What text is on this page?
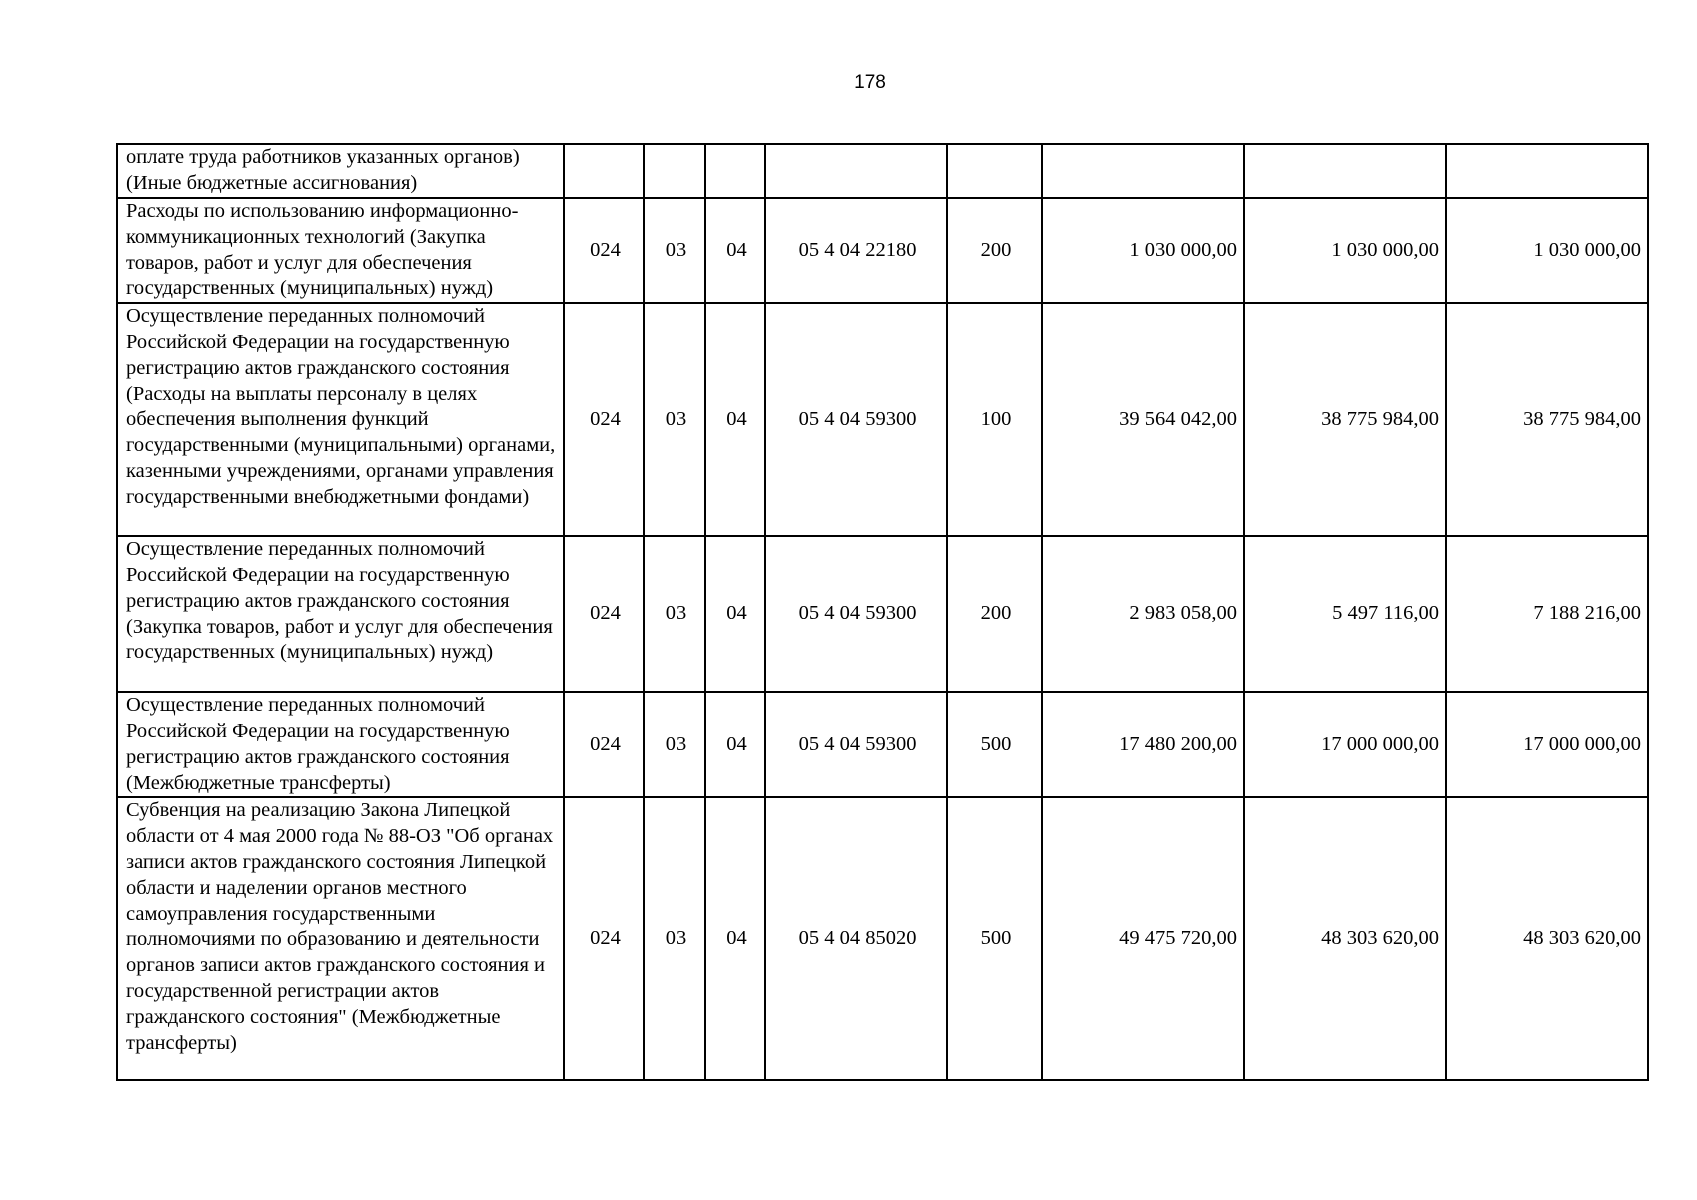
178
оплате труда работников указанных органов) (Иные бюджетные ассигнования)								
Расходы по использованию информационно-коммуникационных технологий (Закупка товаров, работ и услуг для обеспечения государственных (муниципальных) нужд)	024	03	04	05 4 04 22180	200	1 030 000,00	1 030 000,00	1 030 000,00
Осуществление переданных полномочий Российской Федерации на государственную регистрацию актов гражданского состояния (Расходы на выплаты персоналу в целях обеспечения выполнения функций государственными (муниципальными) органами, казенными учреждениями, органами управления государственными внебюджетными фондами)	024	03	04	05 4 04 59300	100	39 564 042,00	38 775 984,00	38 775 984,00
Осуществление переданных полномочий Российской Федерации на государственную регистрацию актов гражданского состояния (Закупка товаров, работ и услуг для обеспечения государственных (муниципальных) нужд)	024	03	04	05 4 04 59300	200	2 983 058,00	5 497 116,00	7 188 216,00
Осуществление переданных полномочий Российской Федерации на государственную регистрацию актов гражданского состояния (Межбюджетные трансферты)	024	03	04	05 4 04 59300	500	17 480 200,00	17 000 000,00	17 000 000,00
Субвенция на реализацию Закона Липецкой области от 4 мая 2000 года № 88-ОЗ "Об органах записи актов гражданского состояния Липецкой области и наделении органов местного самоуправления государственными полномочиями по образованию и деятельности органов записи актов гражданского состояния и государственной регистрации актов гражданского состояния" (Межбюджетные трансферты)	024	03	04	05 4 04 85020	500	49 475 720,00	48 303 620,00	48 303 620,00
